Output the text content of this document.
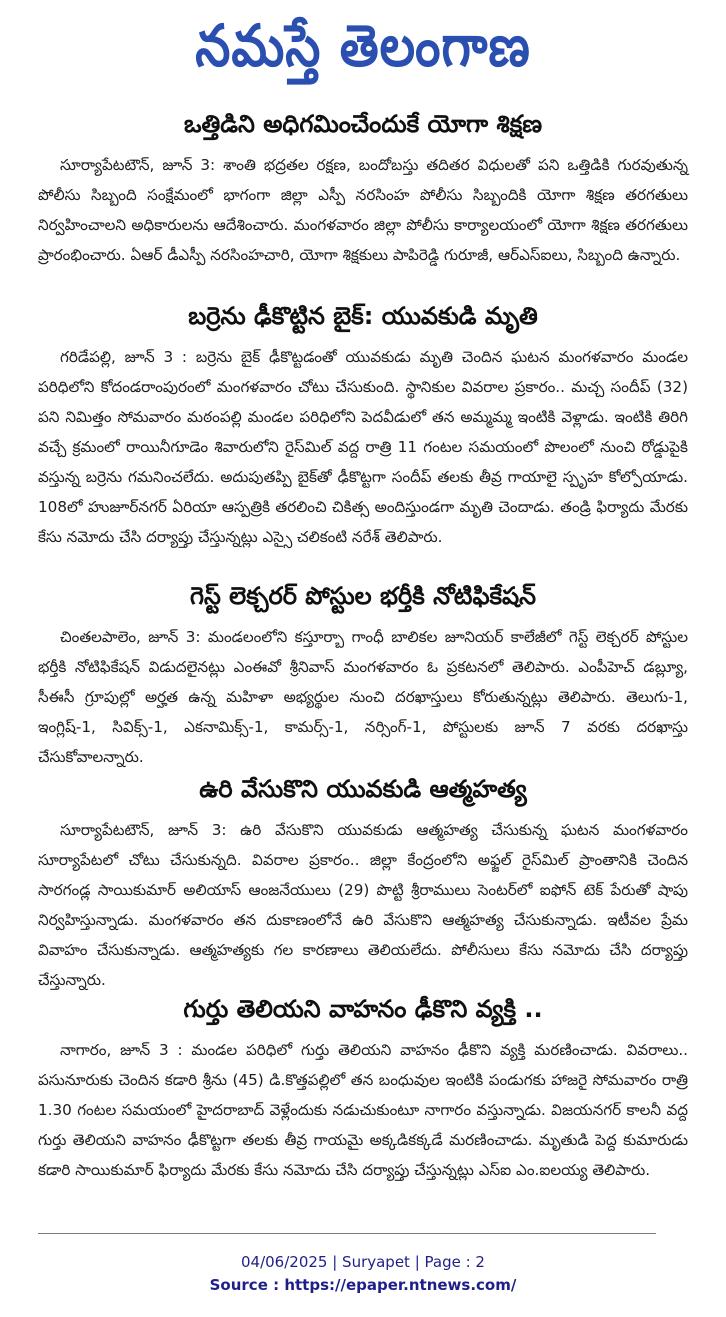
నమస్తే తెలంగాణ
ఒత్తిడిని అధిగమించేందుకే యోగా శిక్షణ

సూర్యాపేటటౌన్, జూన్ 3: శాంతి భద్రతల రక్షణ, బందోబస్తు తదితర విధులతో పని ఒత్తిడికి గురవుతున్న పోలీసు సిబ్బంది సంక్షేమంలో భాగంగా జిల్లా ఎస్పీ నరసింహ పోలీసు సిబ్బందికి యోగా శిక్షణ తరగతులు నిర్వహించాలని అధికారులను ఆదేశించారు. మంగళవారం జిల్లా పోలీసు కార్యాలయంలో యోగా శిక్షణ తరగతులు ప్రారంభించారు. ఏఆర్ డీఎస్పీ నరసింహచారి, యోగా శిక్షకులు పాపిరెడ్డి గురూజీ, ఆర్ఎస్ఐలు, సిబ్బంది ఉన్నారు.

బర్రెను ఢీకొట్టిన బైక్: యువకుడి మృతి

గరిడేపల్లి, జూన్ 3 : బర్రెను బైక్ ఢీకొట్టడంతో యువకుడు మృతి చెందిన ఘటన మంగళవారం మండల పరిధిలోని కోదండరాంపురంలో మంగళవారం చోటు చేసుకుంది. స్థానికుల వివరాల ప్రకారం.. మచ్చ సందీప్ (32) పని నిమిత్తం సోమవారం మఠంపల్లి మండల పరిధిలోని పెదవీడులో తన అమ్మమ్మ ఇంటికి వెళ్లాడు. ఇంటికి తిరిగి వచ్చే క్రమంలో రాయినీగూడెం శివారులోని రైస్‌మిల్ వద్ద రాత్రి 11 గంటల సమయంలో పొలంలో నుంచి రోడ్డుపైకి వస్తున్న బర్రెను గమనించలేదు. అదుపుతప్పి బైక్‌తో ఢీకొట్టగా సందీప్ తలకు తీవ్ర గాయాలై స్పృహ కోల్పోయాడు. 108లో హుజూర్‌నగర్ ఏరియా ఆస్పత్రికి తరలించి చికిత్స అందిస్తుండగా మృతి చెందాడు. తండ్రి ఫిర్యాదు మేరకు కేసు నమోదు చేసి దర్యాప్తు చేస్తున్నట్లు ఎస్సై చలికంటి నరేశ్ తెలిపారు.

గెస్ట్ లెక్చరర్ పోస్టుల భర్తీకి నోటిఫికేషన్

చింతలపాలెం, జూన్ 3: మండలంలోని కస్తూర్బా గాంధీ బాలికల జూనియర్ కాలేజీలో గెస్ట్ లెక్చరర్ పోస్టుల భర్తీకి నోటిఫికేషన్ విడుదలైనట్లు ఎంఈవో శ్రీనివాస్ మంగళవారం ఓ ప్రకటనలో తెలిపారు. ఎంపీహెచ్ డబ్ల్యూ, సీఈసీ గ్రూపుల్లో అర్హత ఉన్న మహిళా అభ్యర్థుల నుంచి దరఖాస్తులు కోరుతున్నట్లు తెలిపారు. తెలుగు-1, ఇంగ్లిష్-1, సివిక్స్-1, ఎకనామిక్స్-1, కామర్స్-1, నర్సింగ్-1, పోస్టులకు జూన్ 7 వరకు దరఖాస్తు చేసుకోవాలన్నారు.

ఉరి వేసుకొని యువకుడి ఆత్మహత్య

సూర్యాపేటటౌన్, జూన్ 3: ఉరి వేసుకొని యువకుడు ఆత్మహత్య చేసుకున్న ఘటన మంగళవారం సూర్యాపేటలో చోటు చేసుకున్నది. వివరాల ప్రకారం.. జిల్లా కేంద్రంలోని అఫ్జల్ రైస్‌మిల్ ప్రాంతానికి చెందిన సారగండ్ల సాయికుమార్ అలియాస్ ఆంజనేయులు (29) పొట్టి శ్రీరాములు సెంటర్‌లో ఐఫోన్ టెక్ పేరుతో షాపు నిర్వహిస్తున్నాడు. మంగళవారం తన దుకాణంలోనే ఉరి వేసుకొని ఆత్మహత్య చేసుకున్నాడు. ఇటీవల ప్రేమ వివాహం చేసుకున్నాడు. ఆత్మహత్యకు గల కారణాలు తెలియలేదు. పోలీసులు కేసు నమోదు చేసి దర్యాప్తు చేస్తున్నారు.

గుర్తు తెలియని వాహనం ఢీకొని వ్యక్తి ..

నాగారం, జూన్ 3 : మండల పరిధిలో గుర్తు తెలియని వాహనం ఢీకొని వ్యక్తి మరణించాడు. వివరాలు.. పసునూరుకు చెందిన కడారి శ్రీను (45) డి.కొత్తపల్లిలో తన బంధువుల ఇంటికి పండుగకు హాజరై సోమవారం రాత్రి 1.30 గంటల సమయంలో హైదరాబాద్ వెళ్లేందుకు నడుచుకుంటూ నాగారం వస్తున్నాడు. విజయనగర్ కాలనీ వద్ద గుర్తు తెలియని వాహనం ఢీకొట్టగా తలకు తీవ్ర గాయమై అక్కడికక్కడే మరణించాడు. మృతుడి పెద్ద కుమారుడు కడారి సాయికుమార్ ఫిర్యాదు మేరకు కేసు నమోదు చేసి దర్యాప్తు చేస్తున్నట్లు ఎస్ఐ ఎం.ఐలయ్య తెలిపారు.

04/06/2025 | Suryapet | Page : 2
Source : https://epaper.ntnews.com/
